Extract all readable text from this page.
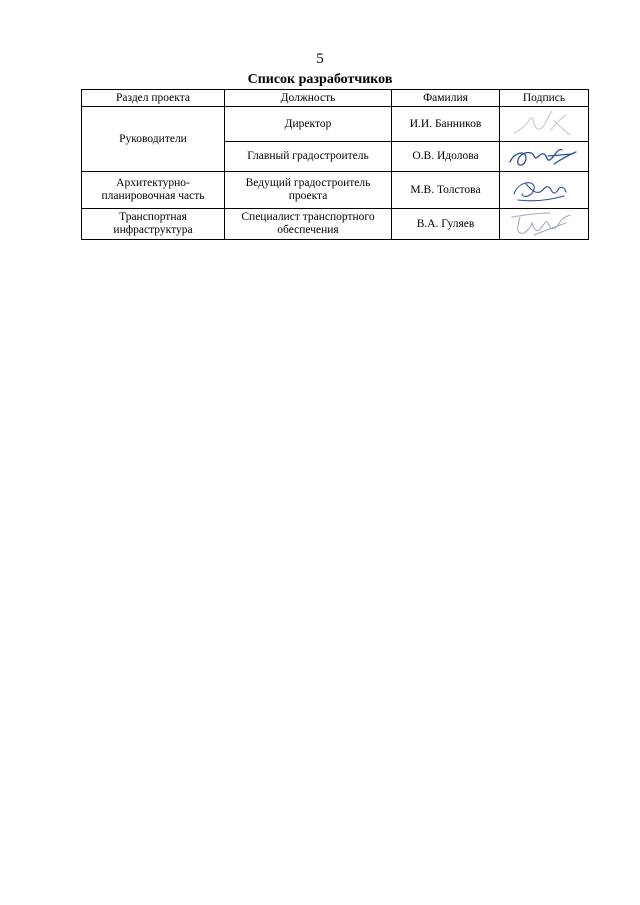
5
Список разработчиков
Раздел проекта	Должность	Фамилия	Подпись
Руководители	Директор	И.И. Банников	

	Главный градостроитель	О.В. Идолова	

Архитектурно-планировочная часть	Ведущий градостроитель проекта	М.В. Толстова	

Транспортная инфраструктура	Специалист транспортного обеспечения	В.А. Гуляев	
